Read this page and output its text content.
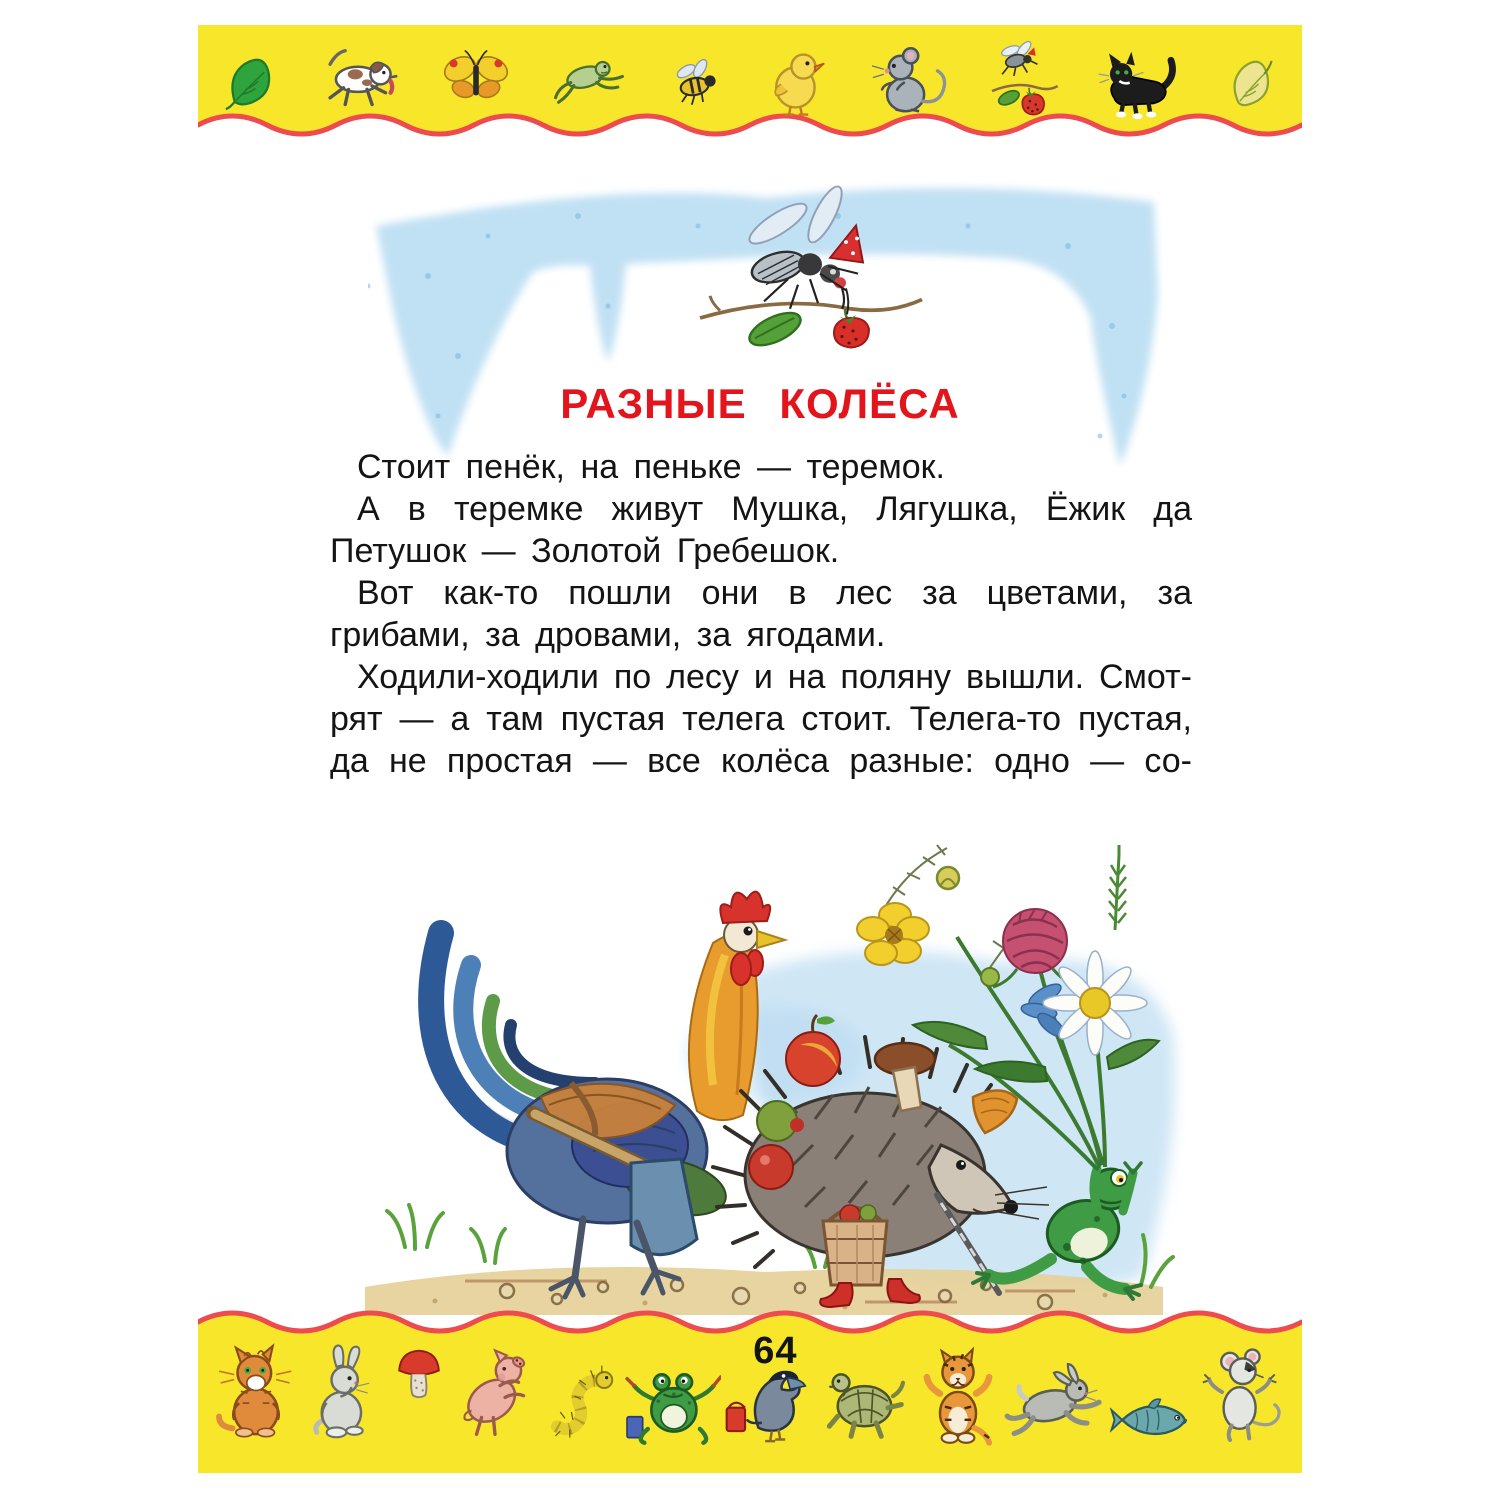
РАЗНЫЕ КОЛЁСА
Стоит пенёк, на пеньке — теремок.
А в теремке живут Мушка, Лягушка, Ёжик да
Петушок — Золотой Гребешок.
Вот как-то пошли они в лес за цветами, за
грибами, за дровами, за ягодами.
Ходили-ходили по лесу и на поляну вышли. Смот-
рят — а там пустая телега стоит. Телега-то пустая,
да не простая — все колёса разные: одно — со-
64
